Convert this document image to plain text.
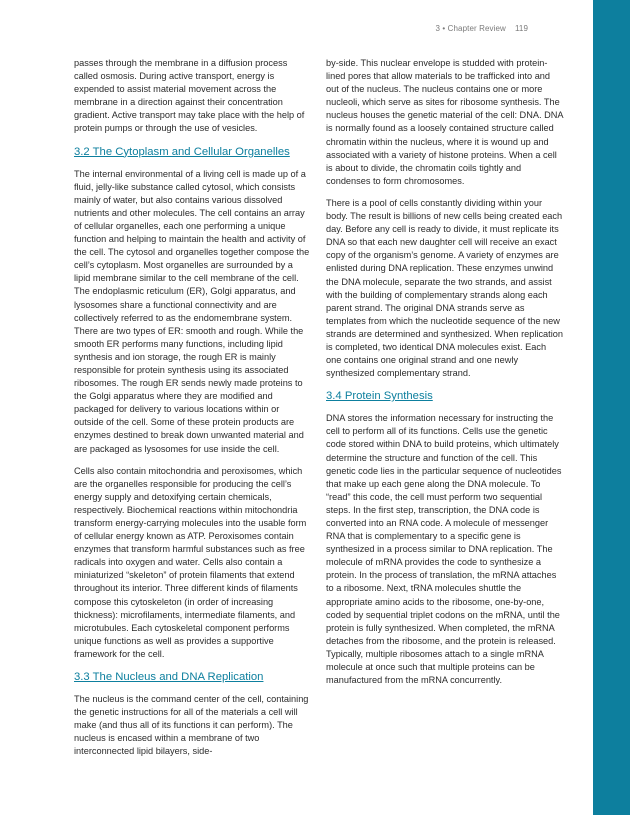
3 • Chapter Review 119

passes through the membrane in a diffusion process called osmosis. During active transport, energy is expended to assist material movement across the membrane in a direction against their concentration gradient. Active transport may take place with the help of protein pumps or through the use of vesicles.

3.2 The Cytoplasm and Cellular Organelles

The internal environmental of a living cell is made up of a fluid, jelly-like substance called cytosol, which consists mainly of water, but also contains various dissolved nutrients and other molecules. The cell contains an array of cellular organelles, each one performing a unique function and helping to maintain the health and activity of the cell. The cytosol and organelles together compose the cell’s cytoplasm. Most organelles are surrounded by a lipid membrane similar to the cell membrane of the cell. The endoplasmic reticulum (ER), Golgi apparatus, and lysosomes share a functional connectivity and are collectively referred to as the endomembrane system. There are two types of ER: smooth and rough. While the smooth ER performs many functions, including lipid synthesis and ion storage, the rough ER is mainly responsible for protein synthesis using its associated ribosomes. The rough ER sends newly made proteins to the Golgi apparatus where they are modified and packaged for delivery to various locations within or outside of the cell. Some of these protein products are enzymes destined to break down unwanted material and are packaged as lysosomes for use inside the cell.

Cells also contain mitochondria and peroxisomes, which are the organelles responsible for producing the cell’s energy supply and detoxifying certain chemicals, respectively. Biochemical reactions within mitochondria transform energy-carrying molecules into the usable form of cellular energy known as ATP. Peroxisomes contain enzymes that transform harmful substances such as free radicals into oxygen and water. Cells also contain a miniaturized “skeleton” of protein filaments that extend throughout its interior. Three different kinds of filaments compose this cytoskeleton (in order of increasing thickness): microfilaments, intermediate filaments, and microtubules. Each cytoskeletal component performs unique functions as well as provides a supportive framework for the cell.

3.3 The Nucleus and DNA Replication

The nucleus is the command center of the cell, containing the genetic instructions for all of the materials a cell will make (and thus all of its functions it can perform). The nucleus is encased within a membrane of two interconnected lipid bilayers, side-

by-side. This nuclear envelope is studded with protein-lined pores that allow materials to be trafficked into and out of the nucleus. The nucleus contains one or more nucleoli, which serve as sites for ribosome synthesis. The nucleus houses the genetic material of the cell: DNA. DNA is normally found as a loosely contained structure called chromatin within the nucleus, where it is wound up and associated with a variety of histone proteins. When a cell is about to divide, the chromatin coils tightly and condenses to form chromosomes.

There is a pool of cells constantly dividing within your body. The result is billions of new cells being created each day. Before any cell is ready to divide, it must replicate its DNA so that each new daughter cell will receive an exact copy of the organism’s genome. A variety of enzymes are enlisted during DNA replication. These enzymes unwind the DNA molecule, separate the two strands, and assist with the building of complementary strands along each parent strand. The original DNA strands serve as templates from which the nucleotide sequence of the new strands are determined and synthesized. When replication is completed, two identical DNA molecules exist. Each one contains one original strand and one newly synthesized complementary strand.

3.4 Protein Synthesis

DNA stores the information necessary for instructing the cell to perform all of its functions. Cells use the genetic code stored within DNA to build proteins, which ultimately determine the structure and function of the cell. This genetic code lies in the particular sequence of nucleotides that make up each gene along the DNA molecule. To “read” this code, the cell must perform two sequential steps. In the first step, transcription, the DNA code is converted into an RNA code. A molecule of messenger RNA that is complementary to a specific gene is synthesized in a process similar to DNA replication. The molecule of mRNA provides the code to synthesize a protein. In the process of translation, the mRNA attaches to a ribosome. Next, tRNA molecules shuttle the appropriate amino acids to the ribosome, one-by-one, coded by sequential triplet codons on the mRNA, until the protein is fully synthesized. When completed, the mRNA detaches from the ribosome, and the protein is released. Typically, multiple ribosomes attach to a single mRNA molecule at once such that multiple proteins can be manufactured from the mRNA concurrently.
